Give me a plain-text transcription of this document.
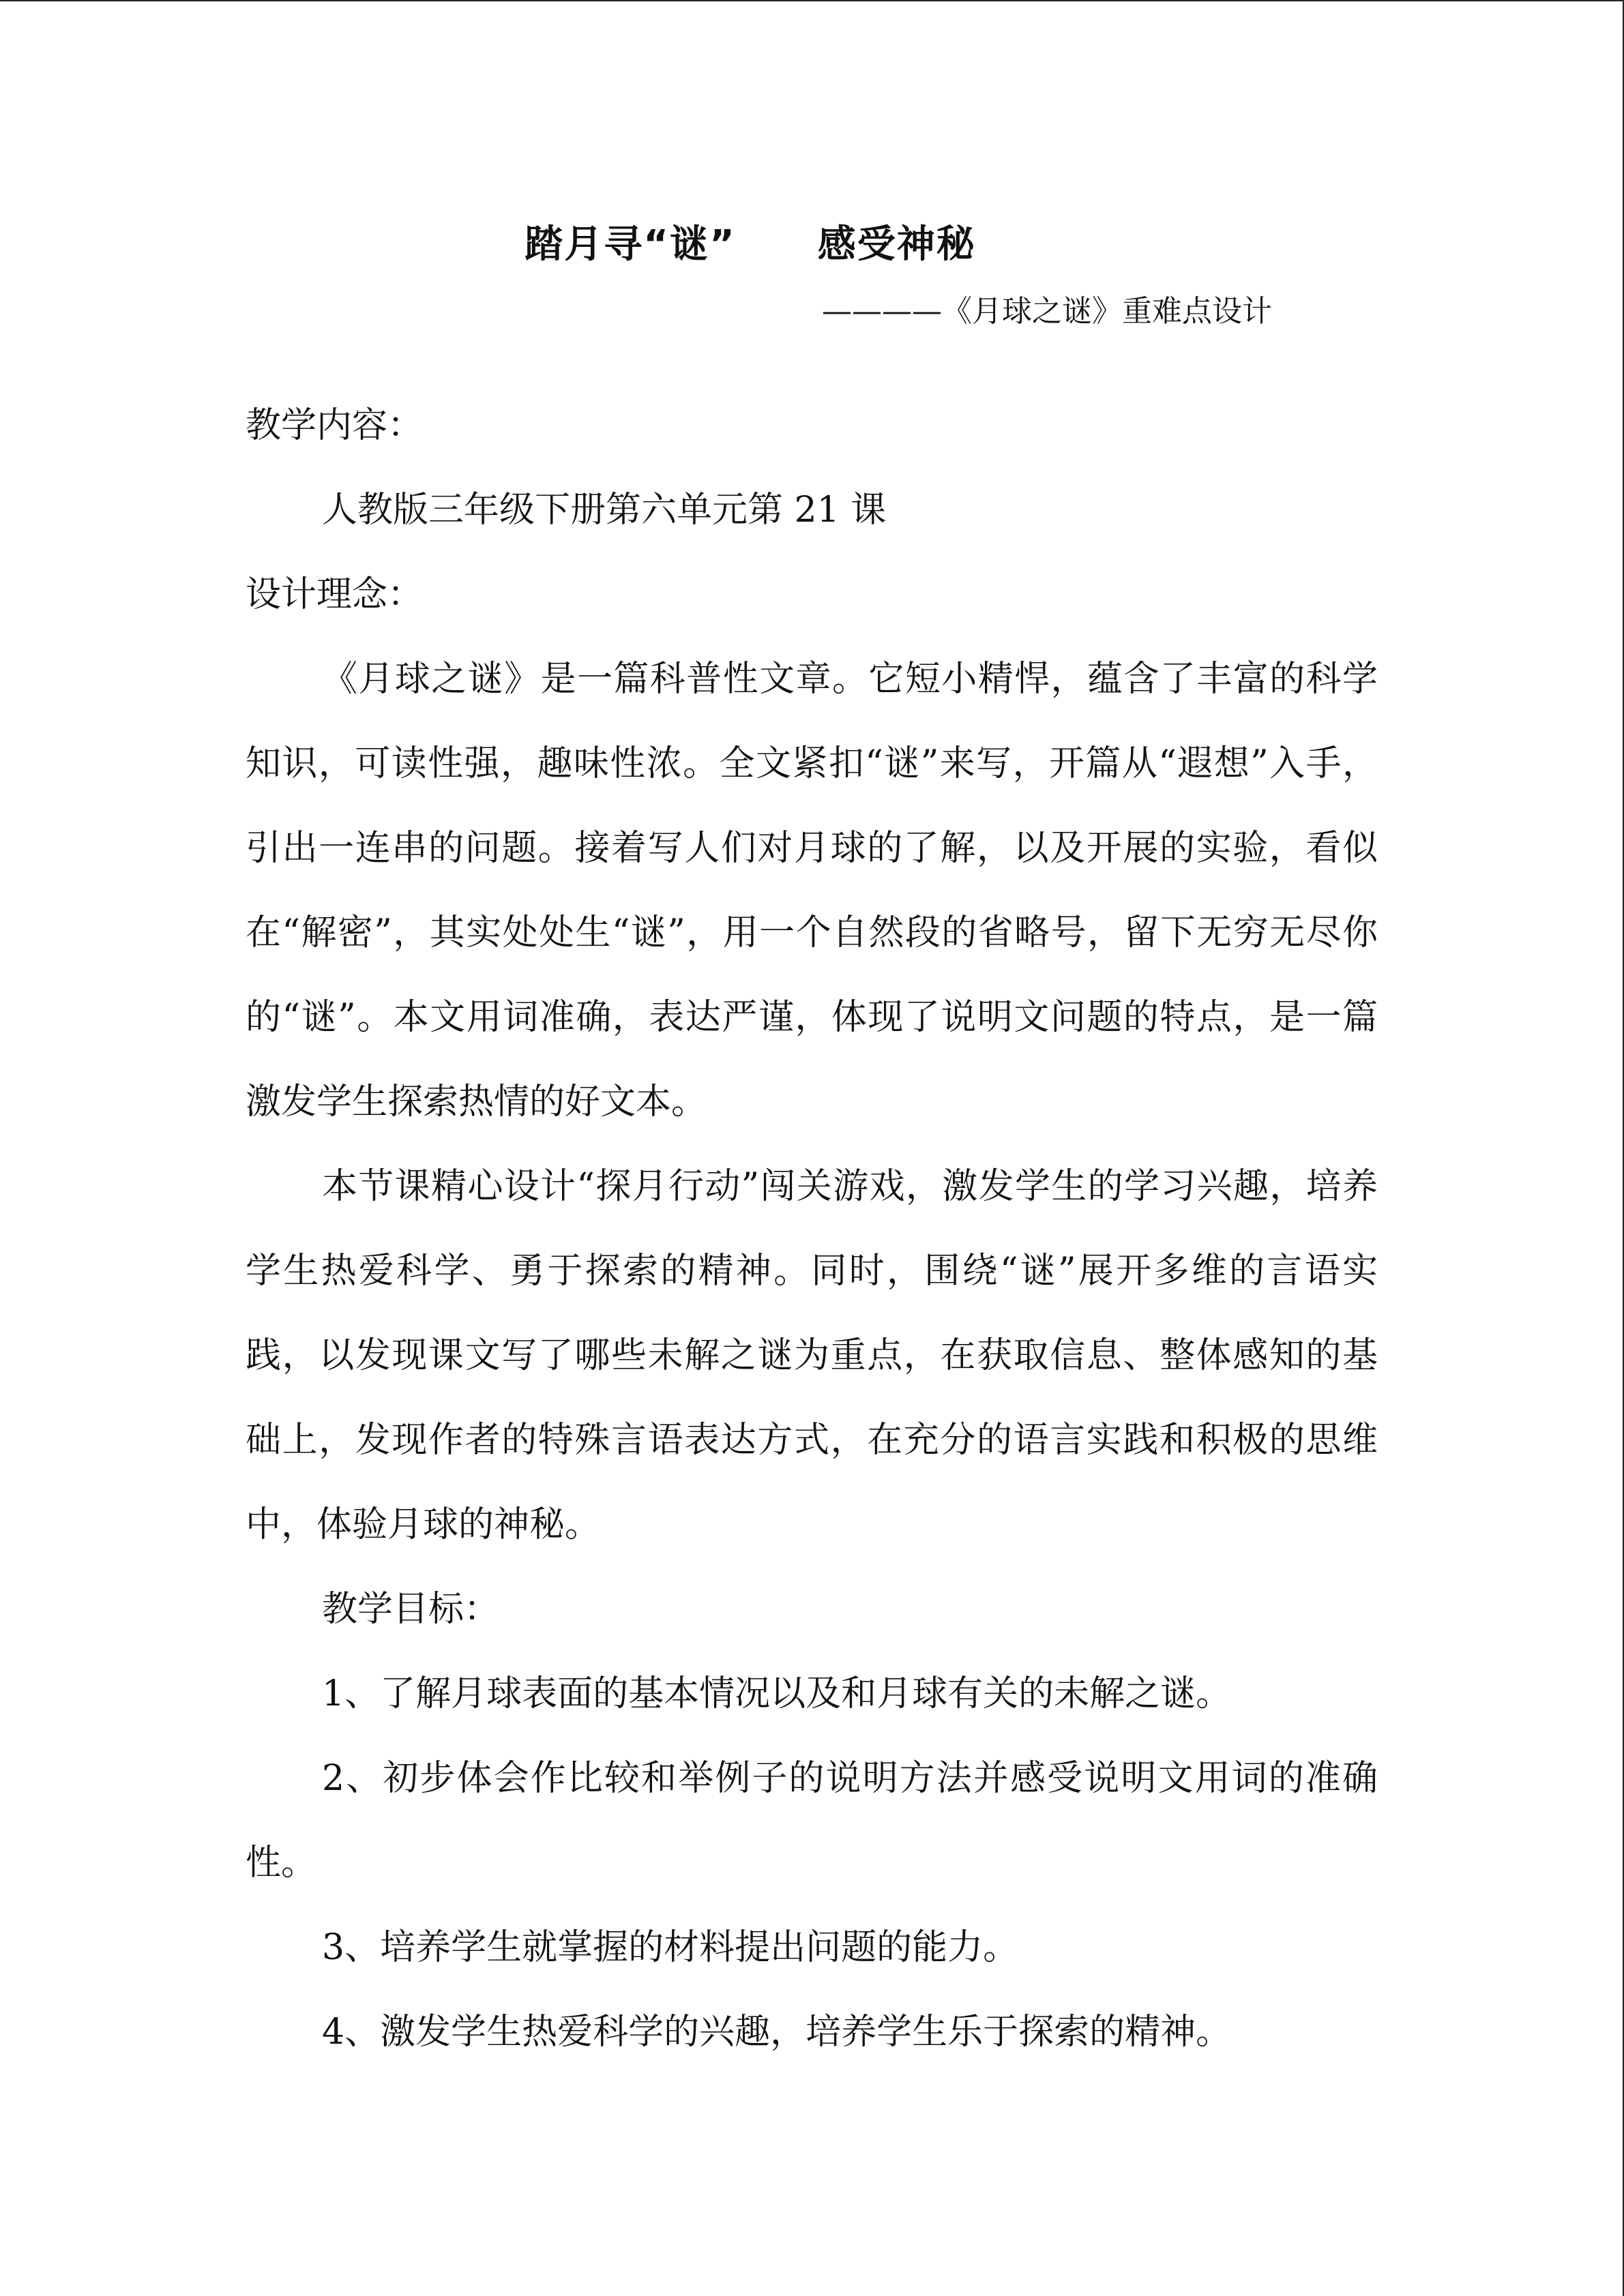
踏月寻“谜” 感受神秘
————《月球之谜》重难点设计

教学内容：

人教版三年级下册第六单元第 21 课

设计理念：

《月球之谜》是一篇科普性文章。它短小精悍，蕴含了丰富的科学知识，可读性强，趣味性浓。全文紧扣“谜”来写，开篇从“遐想”入手，引出一连串的问题。接着写人们对月球的了解，以及开展的实验，看似在“解密”，其实处处生“谜”，用一个自然段的省略号，留下无穷无尽你的“谜”。本文用词准确，表达严谨，体现了说明文问题的特点，是一篇激发学生探索热情的好文本。

本节课精心设计“探月行动”闯关游戏，激发学生的学习兴趣，培养学生热爱科学、勇于探索的精神。同时，围绕“谜”展开多维的言语实践，以发现课文写了哪些未解之谜为重点，在获取信息、整体感知的基础上，发现作者的特殊言语表达方式，在充分的语言实践和积极的思维中，体验月球的神秘。

教学目标：

1、了解月球表面的基本情况以及和月球有关的未解之谜。

2、初步体会作比较和举例子的说明方法并感受说明文用词的准确性。

3、培养学生就掌握的材料提出问题的能力。

4、激发学生热爱科学的兴趣，培养学生乐于探索的精神。
